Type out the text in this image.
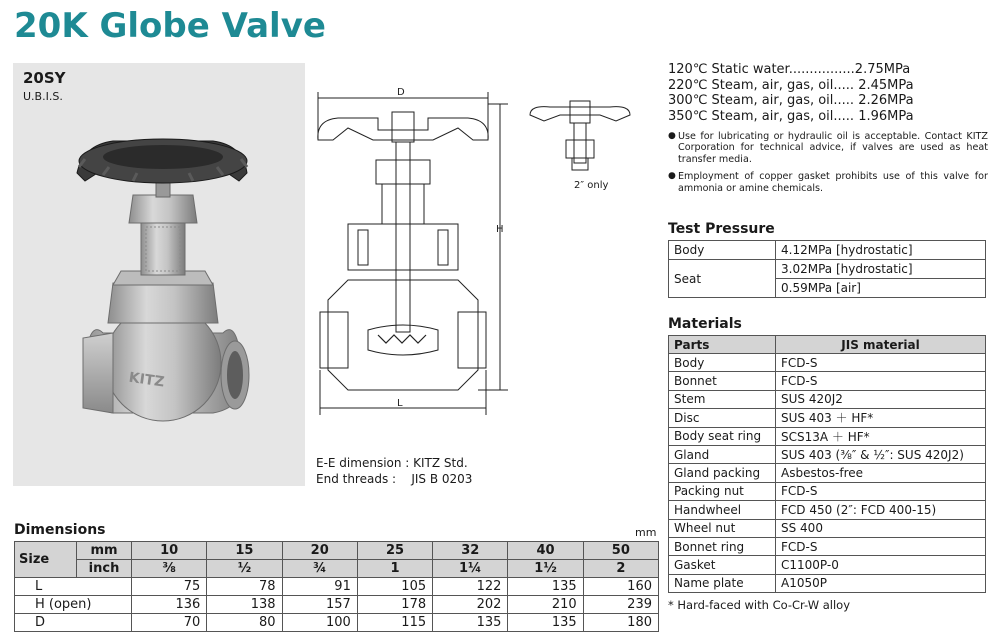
20K Globe Valve
KITZ
20SY
U.B.I.S.	D
L
H
2″ only
E-E dimension : KITZ Std.
End threads :    JIS B 0203
120℃ Static water................2.75MPa
220℃ Steam, air, gas, oil..... 2.45MPa
300℃ Steam, air, gas, oil..... 2.26MPa
350℃ Steam, air, gas, oil..... 1.96MPa
● Use for lubricating or hydraulic oil is acceptable. Contact KITZ Corporation for technical advice, if valves are used as heat transfer media.
● Employment of copper gasket prohibits use of this valve for ammonia or amine chemicals.
Test Pressure
Body	4.12MPa [hydrostatic]
Seat	3.02MPa [hydrostatic]
	0.59MPa [air]
Materials
Parts	JIS material
Body	FCD-S
Bonnet	FCD-S
Stem	SUS 420J2
Disc	SUS 403 ＋ HF*
Body seat ring	SCS13A ＋ HF*
Gland	SUS 403 (⅜″ & ½″: SUS 420J2)
Gland packing	Asbestos-free
Packing nut	FCD-S
Handwheel	FCD 450 (2″: FCD 400-15)
Wheel nut	SS 400
Bonnet ring	FCD-S
Gasket	C1100P-0
Name plate	A1050P
* Hard-faced with Co-Cr-W alloy
Dimensions	mm
Size	mm	10	15	20	25	32	40	50
	inch	⅜	½	¾	1	1¼	1½	2
L		75	78	91	105	122	135	160
H (open)		136	138	157	178	202	210	239
D		70	80	100	115	135	135	180
